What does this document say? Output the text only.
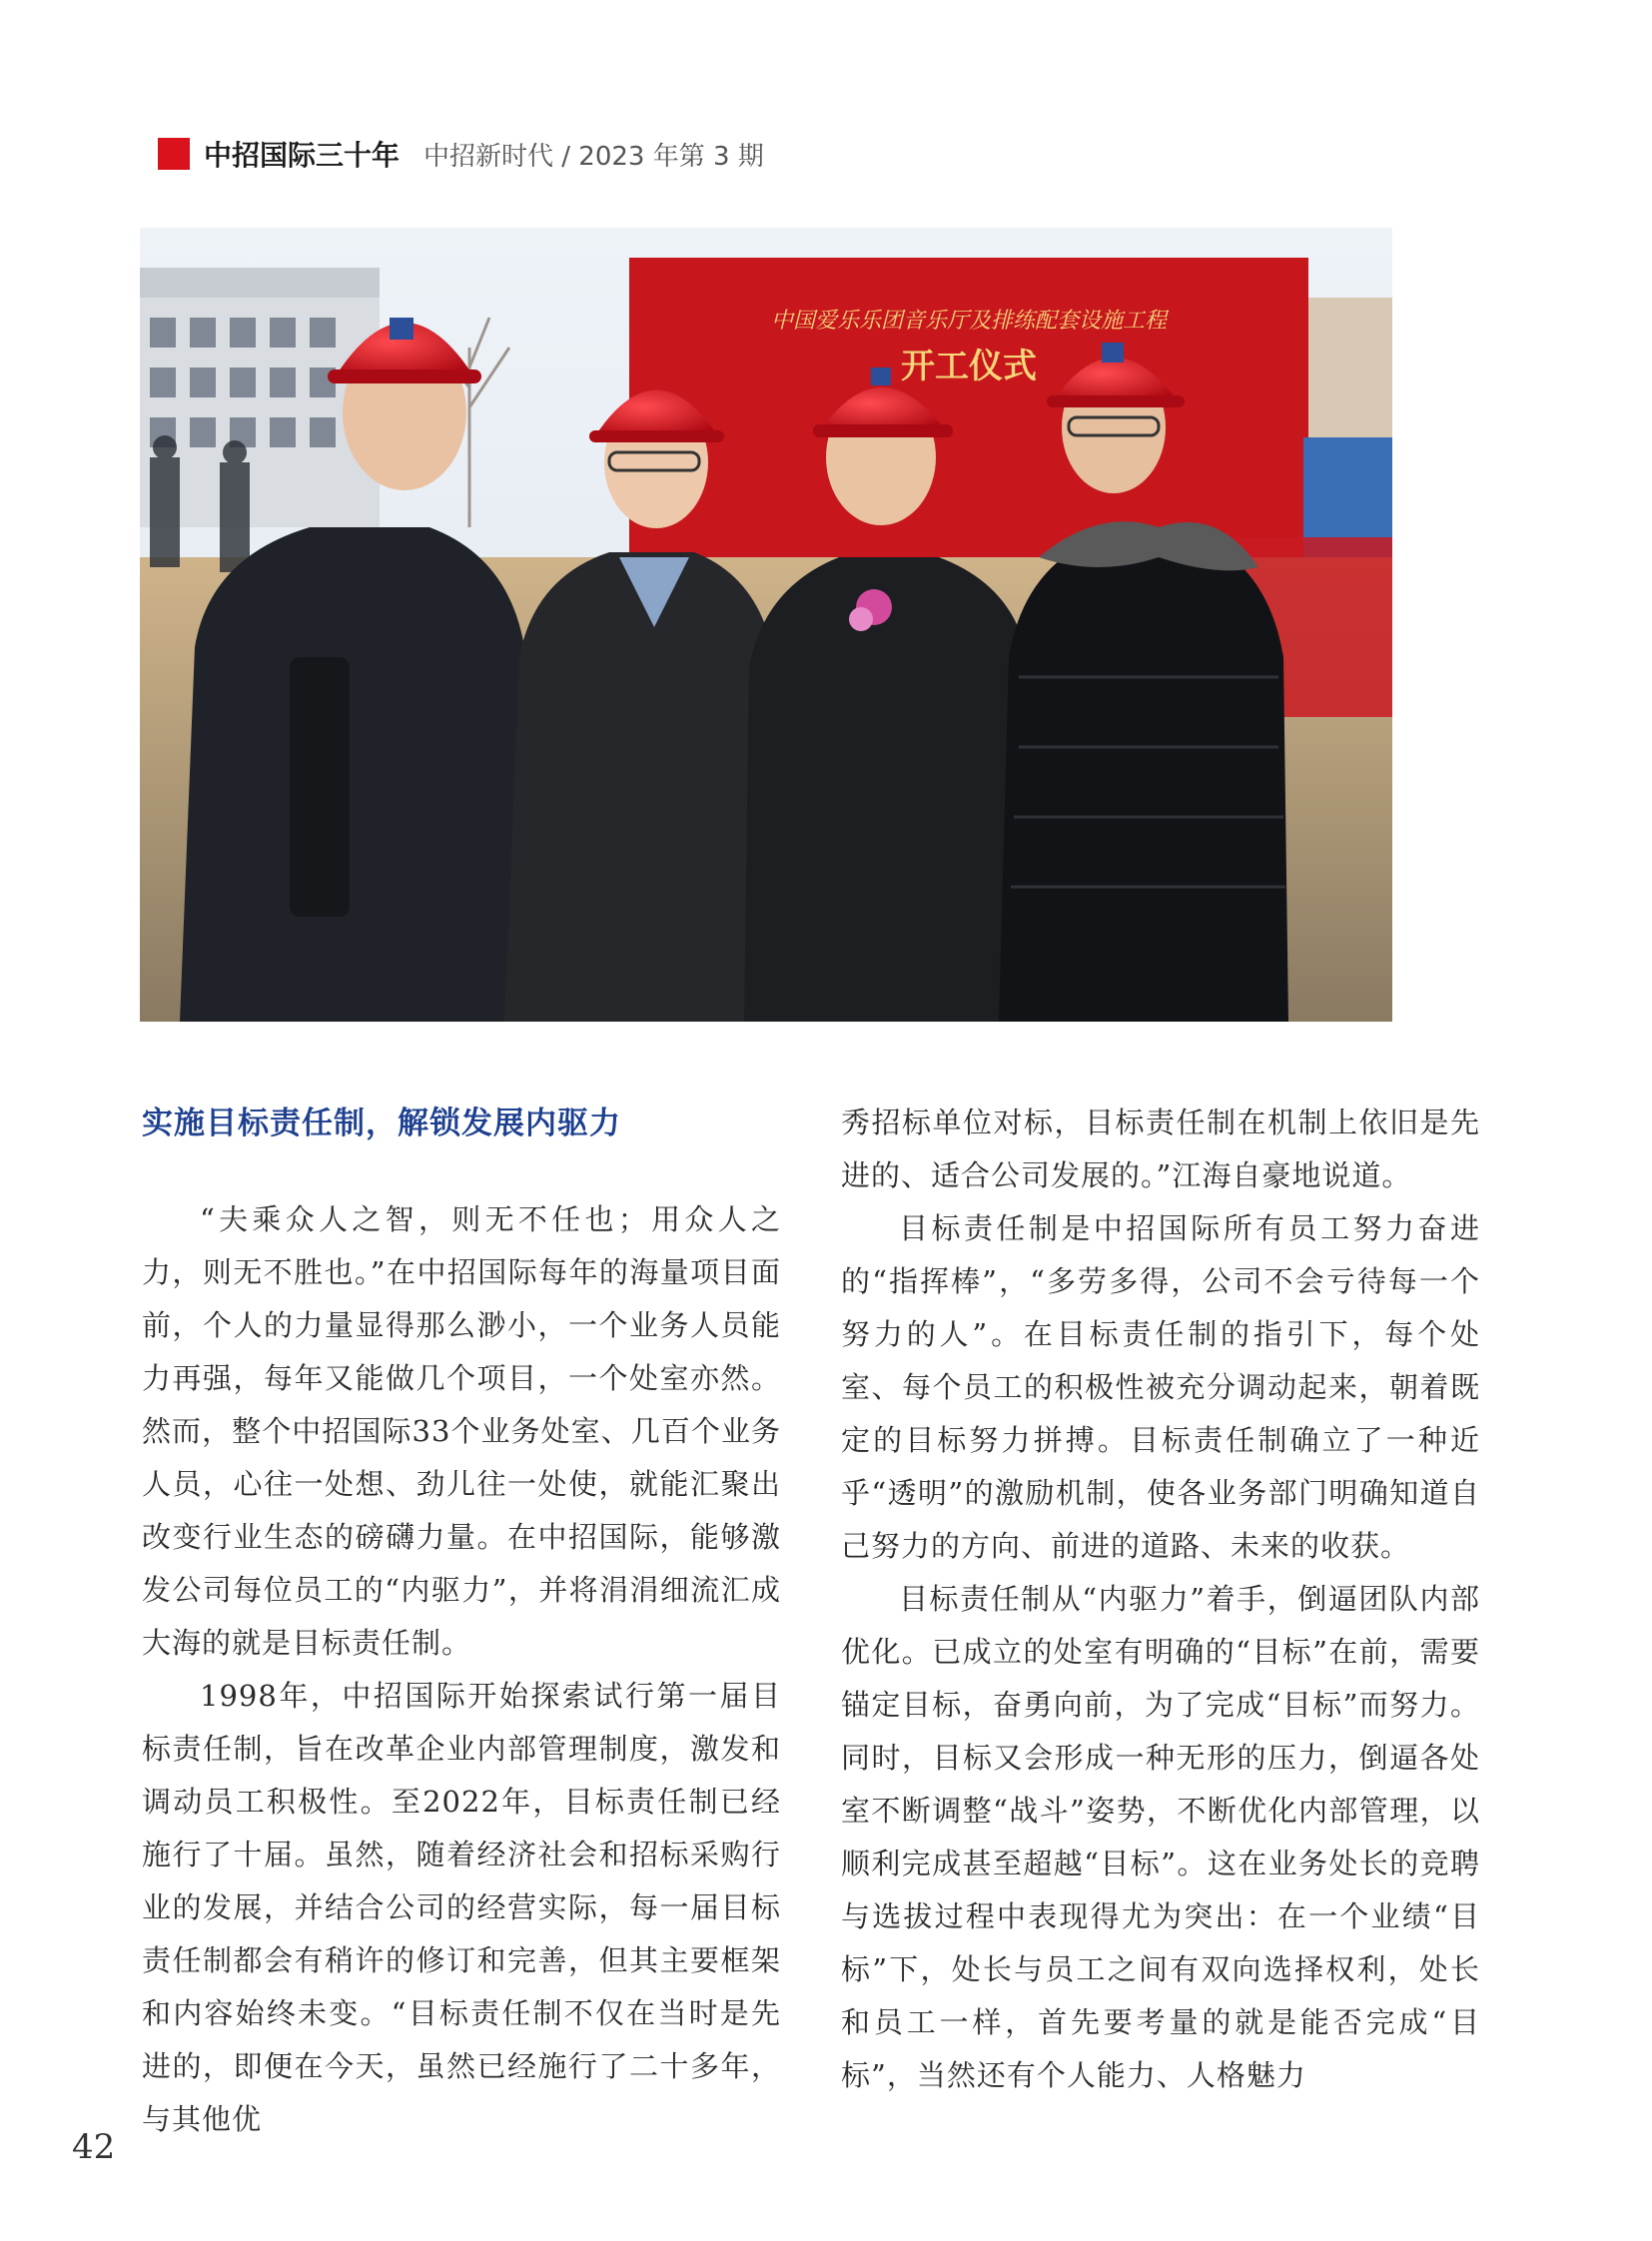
中招国际三十年 中招新时代 / 2023 年第 3 期
中国爱乐乐团音乐厅及排练配套设施工程
开工仪式
实施目标责任制，解锁发展内驱力

“夫乘众人之智，则无不任也；用众人之力，则无不胜也。”在中招国际每年的海量项目面前，个人的力量显得那么渺小，一个业务人员能力再强，每年又能做几个项目，一个处室亦然。然而，整个中招国际33个业务处室、几百个业务人员，心往一处想、劲儿往一处使，就能汇聚出改变行业生态的磅礴力量。在中招国际，能够激发公司每位员工的“内驱力”，并将涓涓细流汇成大海的就是目标责任制。

1998年，中招国际开始探索试行第一届目标责任制，旨在改革企业内部管理制度，激发和调动员工积极性。至2022年，目标责任制已经施行了十届。虽然，随着经济社会和招标采购行业的发展，并结合公司的经营实际，每一届目标责任制都会有稍许的修订和完善，但其主要框架和内容始终未变。“目标责任制不仅在当时是先进的，即便在今天，虽然已经施行了二十多年，与其他优

秀招标单位对标，目标责任制在机制上依旧是先进的、适合公司发展的。”江海自豪地说道。

目标责任制是中招国际所有员工努力奋进的“指挥棒”，“多劳多得，公司不会亏待每一个努力的人”。在目标责任制的指引下，每个处室、每个员工的积极性被充分调动起来，朝着既定的目标努力拼搏。目标责任制确立了一种近乎“透明”的激励机制，使各业务部门明确知道自己努力的方向、前进的道路、未来的收获。

目标责任制从“内驱力”着手，倒逼团队内部优化。已成立的处室有明确的“目标”在前，需要锚定目标，奋勇向前，为了完成“目标”而努力。同时，目标又会形成一种无形的压力，倒逼各处室不断调整“战斗”姿势，不断优化内部管理，以顺利完成甚至超越“目标”。这在业务处长的竞聘与选拔过程中表现得尤为突出：在一个业绩“目标”下，处长与员工之间有双向选择权利，处长和员工一样，首先要考量的就是能否完成“目标”，当然还有个人能力、人格魅力

42
